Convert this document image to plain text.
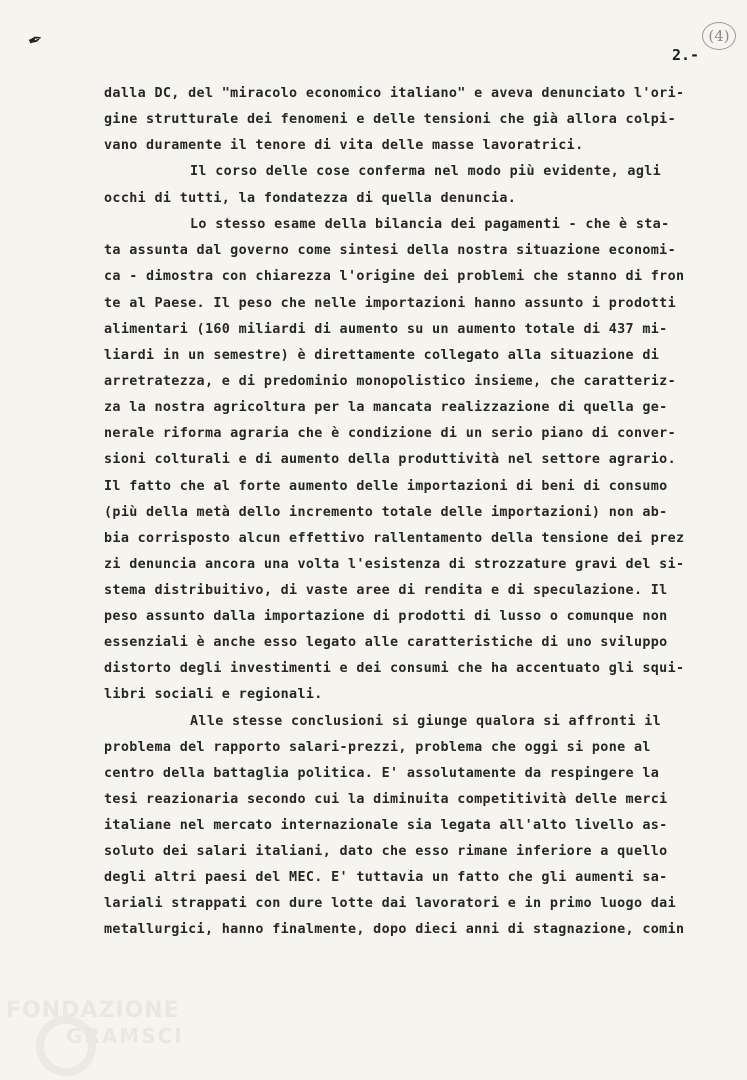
✒
2.-
(4)
dalla DC, del "miracolo economico italiano" e aveva denunciato l'ori-
gine strutturale dei fenomeni e delle tensioni che già allora colpi-
vano duramente il tenore di vita delle masse lavoratrici.
Il corso delle cose conferma nel modo più evidente, agli
occhi di tutti, la fondatezza di quella denuncia.
Lo stesso esame della bilancia dei pagamenti - che è sta-
ta assunta dal governo come sintesi della nostra situazione economi-
ca - dimostra con chiarezza l'origine dei problemi che stanno di fron
te al Paese. Il peso che nelle importazioni hanno assunto i prodotti
alimentari (160 miliardi di aumento su un aumento totale di 437 mi-
liardi in un semestre) è direttamente collegato alla situazione di
arretratezza, e di predominio monopolistico insieme, che caratteriz-
za la nostra agricoltura per la mancata realizzazione di quella ge-
nerale riforma agraria che è condizione di un serio piano di conver-
sioni colturali e di aumento della produttività nel settore agrario.
Il fatto che al forte aumento delle importazioni di beni di consumo
(più della metà dello incremento totale delle importazioni) non ab-
bia corrisposto alcun effettivo rallentamento della tensione dei prez
zi denuncia ancora una volta l'esistenza di strozzature gravi del si-
stema distribuitivo, di vaste aree di rendita e di speculazione. Il
peso assunto dalla importazione di prodotti di lusso o comunque non
essenziali è anche esso legato alle caratteristiche di uno sviluppo
distorto degli investimenti e dei consumi che ha accentuato gli squi-
libri sociali e regionali.
Alle stesse conclusioni si giunge qualora si affronti il
problema del rapporto salari-prezzi, problema che oggi si pone al
centro della battaglia politica. E' assolutamente da respingere la
tesi reazionaria secondo cui la diminuita competitività delle merci
italiane nel mercato internazionale sia legata all'alto livello as-
soluto dei salari italiani, dato che esso rimane inferiore a quello
degli altri paesi del MEC. E' tuttavia un fatto che gli aumenti sa-
lariali strappati con dure lotte dai lavoratori e in primo luogo dai
metallurgici, hanno finalmente, dopo dieci anni di stagnazione, comin
FONDAZIONE
GRAMSCI
